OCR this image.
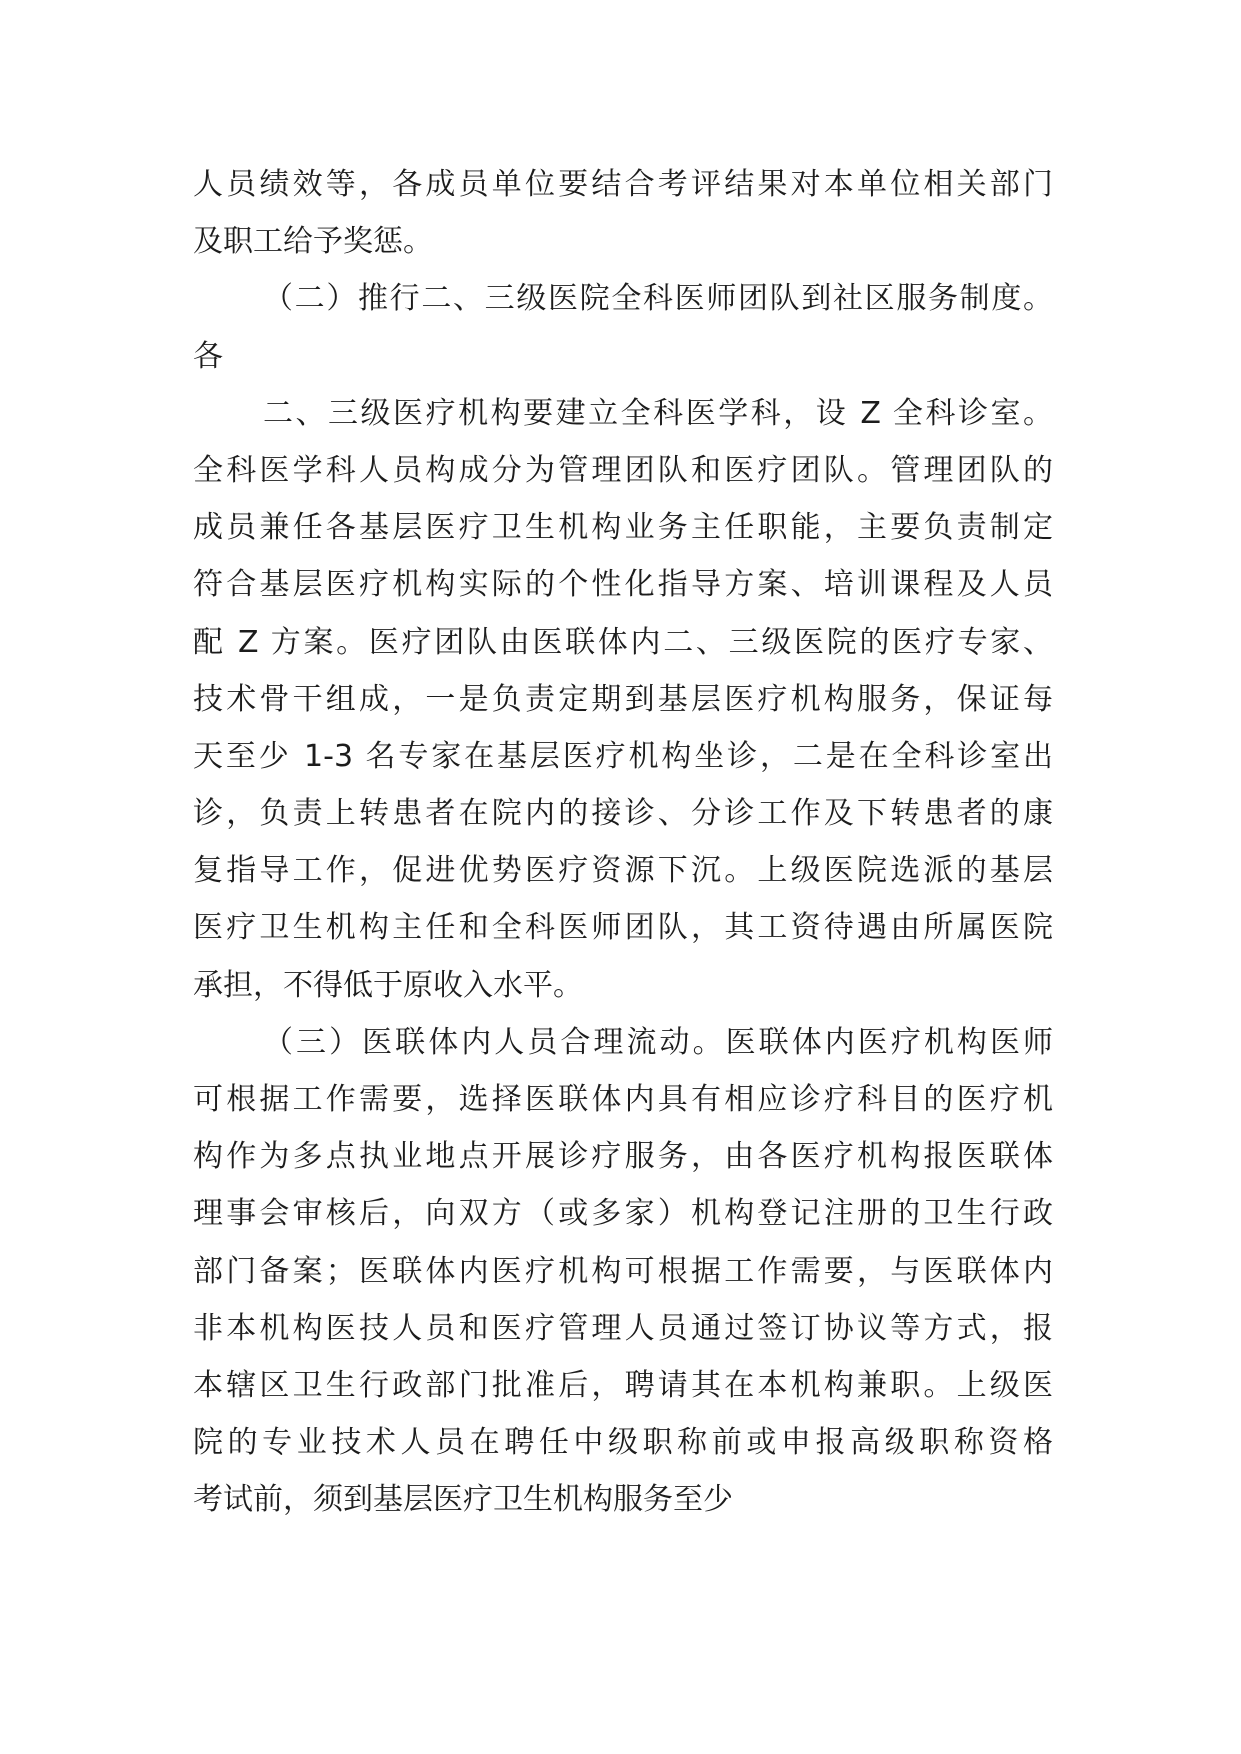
人员绩效等，各成员单位要结合考评结果对本单位相关部门
及职工给予奖惩。
（二）推行二、三级医院全科医师团队到社区服务制度。
各
二、三级医疗机构要建立全科医学科，设 Z 全科诊室。
全科医学科人员构成分为管理团队和医疗团队。管理团队的
成员兼任各基层医疗卫生机构业务主任职能，主要负责制定
符合基层医疗机构实际的个性化指导方案、培训课程及人员
配 Z 方案。医疗团队由医联体内二、三级医院的医疗专家、
技术骨干组成，一是负责定期到基层医疗机构服务，保证每
天至少 1-3 名专家在基层医疗机构坐诊，二是在全科诊室出
诊，负责上转患者在院内的接诊、分诊工作及下转患者的康
复指导工作，促进优势医疗资源下沉。上级医院选派的基层
医疗卫生机构主任和全科医师团队，其工资待遇由所属医院
承担，不得低于原收入水平。
（三）医联体内人员合理流动。医联体内医疗机构医师
可根据工作需要，选择医联体内具有相应诊疗科目的医疗机
构作为多点执业地点开展诊疗服务，由各医疗机构报医联体
理事会审核后，向双方（或多家）机构登记注册的卫生行政
部门备案；医联体内医疗机构可根据工作需要，与医联体内
非本机构医技人员和医疗管理人员通过签订协议等方式，报
本辖区卫生行政部门批准后，聘请其在本机构兼职。上级医
院的专业技术人员在聘任中级职称前或申报高级职称资格
考试前，须到基层医疗卫生机构服务至少
